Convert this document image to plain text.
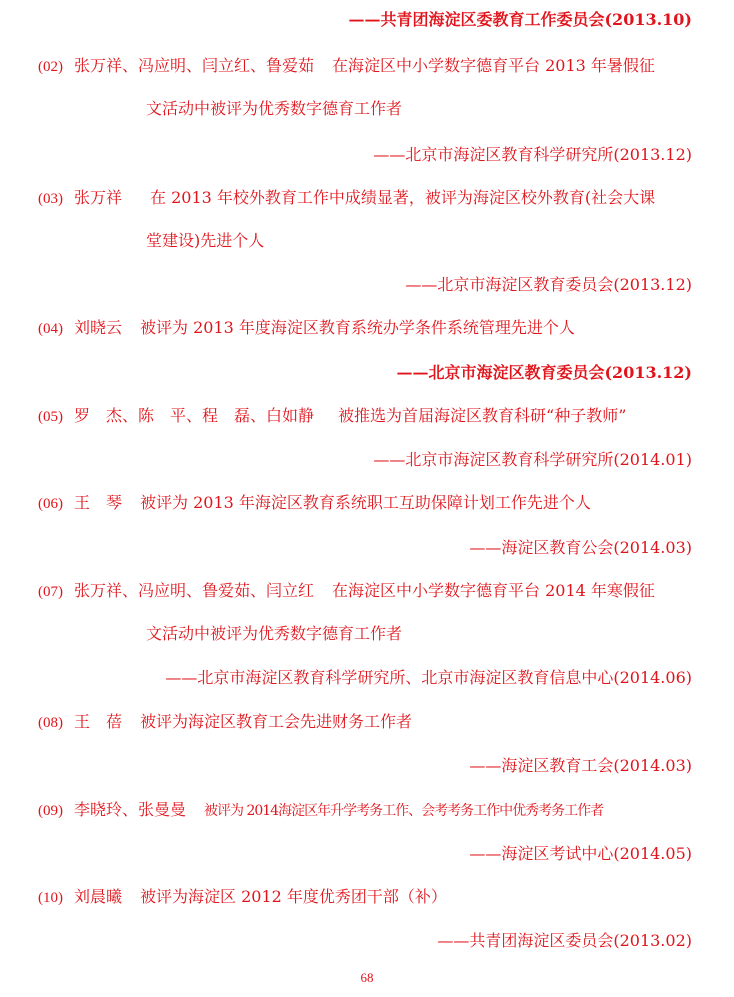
——共青团海淀区委教育工作委员会(2013.10)
(02) 张万祥、冯应明、闫立红、鲁爱茹 在海淀区中小学数字德育平台 2013 年暑假征
文活动中被评为优秀数字德育工作者
——北京市海淀区教育科学研究所(2013.12)
(03) 张万祥 在 2013 年校外教育工作中成绩显著，被评为海淀区校外教育(社会大课
堂建设)先进个人
——北京市海淀区教育委员会(2013.12)
(04) 刘晓云 被评为 2013 年度海淀区教育系统办学条件系统管理先进个人
——北京市海淀区教育委员会(2013.12)
(05) 罗　杰、陈　平、程　磊、白如静 被推选为首届海淀区教育科研“种子教师”
——北京市海淀区教育科学研究所(2014.01)
(06) 王　琴 被评为 2013 年海淀区教育系统职工互助保障计划工作先进个人
——海淀区教育公会(2014.03)
(07) 张万祥、冯应明、鲁爱茹、闫立红 在海淀区中小学数字德育平台 2014 年寒假征
文活动中被评为优秀数字德育工作者
——北京市海淀区教育科学研究所、北京市海淀区教育信息中心(2014.06)
(08) 王　蓓 被评为海淀区教育工会先进财务工作者
——海淀区教育工会(2014.03)
(09) 李晓玲、张曼曼 被评为 2014海淀区年升学考务工作、会考考务工作中优秀考务工作者
——海淀区考试中心(2014.05)
(10) 刘晨曦 被评为海淀区 2012 年度优秀团干部（补）
——共青团海淀区委员会(2013.02)
68
